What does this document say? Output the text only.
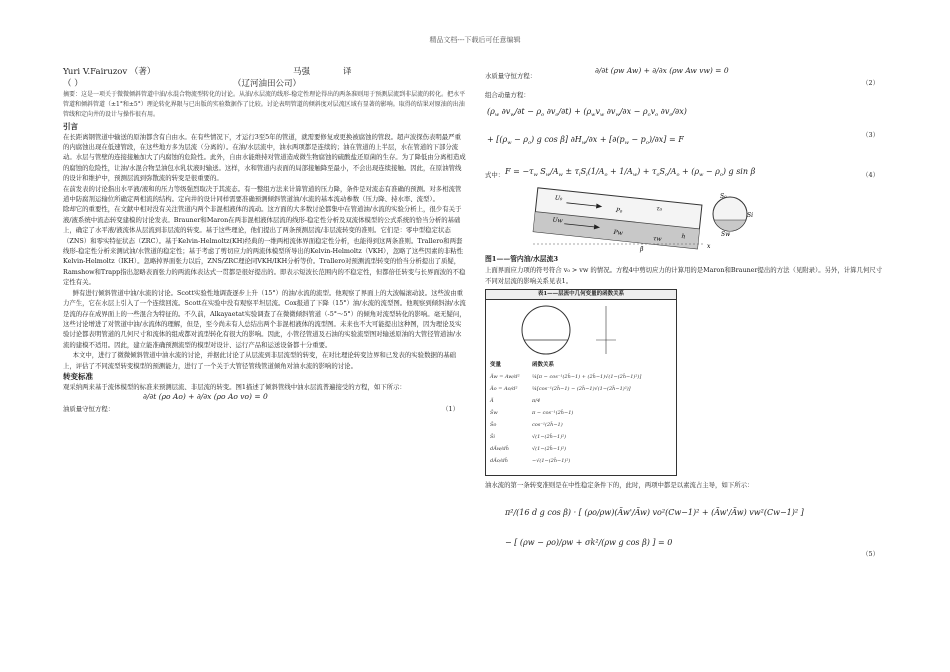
精品文档---下载后可任意编辑
Yuri V.Fairuzov （著）	马强	译
（ ）	（辽河油田公司）
摘要：这是一项关于微微倾斜管道中油/水混合物流型转化的讨论。从油/水层流的线形-稳定性理论得出的两条准则用于预测层流到非层流的转化。把水平管道和倾斜管道（±1°和±5°）理论转化界限与已出版的实验数据作了比较。讨论表明管道的倾斜度对层流区域有显著的影响。取得的结果对原油的出油管线和定向井的设计与操作很有用。
引言

在长距离钢管道中输送的原油都含有自由水。在有些情况下，才运行3至5年的管道，就需要修复或更换被腐蚀的管段。超声波探伤表明最严重的内腐蚀出现在低速管段，在这些地方多为层流（分离的）。在油/水层流中，油水两项都是连续的；油在管道的上半层，水在管道的下部分流动。水层与管壁的连接接触加大了内腐蚀的危险性。此外，自由水能维持对管道造成微生物腐蚀的硫酸盐还原菌的生存。为了降低由分离相造成的腐蚀的危险性，让油/水混合物呈油包水乳状液时输送。这样，水和管道内表面的局部接触降至最小，不会出现连续接触。因此，在原油管线的设计和维护中，预测层流到弥散流的转变是很重要的。

在前发表的讨论指出水平液/液和的压力等级强烈取决于其流态。有一整组方法来计算管道的压力降，条件是对流态有准确的预测。对多相流管道中防腐剂运输位所确定两相流的结构。定向井的设计同样需要准确预测倾斜管道油/水流的基本流动参数（压力降、持水率、流型）。

除却它的重要性，在文献中相对没有关注管道内两个非混相液体的流动。这方面的大多数讨论都集中在管道油/水流的实验分析上，很少有关于液/液系统中流态转变建模的讨论发表。Brauner和Maron在两非混相液体层流的线形-稳定性分析及双流体模型的公式系统的恰当分析的基础上，确定了水平液/液流体从层流到非层流的转变。基于这些理论，他们提出了两条预测层流/非层流转变的准则。它们是：零中型稳定状态（ZNS）和零实特征状态（ZRC）。基于Kelvin-Helmoltz(KH)经典的一维两相流体界面稳定性分析，也能得到这两条准则。Trallero和两套线形-稳定性分析来测试油/水管道的稳定性；基于考虑了剪切应力的两流体模型所导出的Kelvin-Helmoltz（VKH），忽略了这些因素的非粘性Kelvin-Helmoltz（IKH）。忽略掉界面张力以后，ZNS/ZRC理论同VKH/IKH分析等价。Trallero对预测流型转变的恰当分析提出了质疑，Ramshow和Trapp指出忽略表面张力的两流体表达式一贯都是很好提出的。即表示短波长范围内的不稳定性，但都倍任转变与长界面波的不稳定性有关。

鲜有进行倾斜管道中油/水流的讨论。Scott实验性地调查逐步上升（15°）的油/水流的流型。他观察了界面上的大波幅滚动波。这些波由重力产生，它在水层上引入了一个连续回流。Scott在实验中没有观察平坦层流。Cox报道了下降（15°）油/水流的流型图。他观察到倾斜油/水流是流的存在成界面上的一些混合为特征的。不久前，Alkayaetat实验调查了在微微倾斜管道（-5°～5°）的倾角对流型转化的影响。毫无疑问，这些讨论增进了对管道中油/水流体的理解，但是，至今尚未有人总结出两个非混相液体的流型图。未来也不大可能提出这种图，因为理论及实验讨论都表明管道的几何尺寸和流体的组成都对流型转化有很大的影响。因此，小管径管道及石油的实验流型图对输送原油的大管径管道油/水流的建模不适用。因此，建立能准确预测流型的模型对设计、运行产品和运送设备都十分重要。

本文中，进行了微微倾斜管道中油水流的讨论，并据此讨论了从层流到非层流型的转变，在对比理论转变边界和已发表的实验数据的基础上，评估了不同流型转变模型的预测能力，进行了一个关于大管径管线管道倾角对油水流的影响的讨论。

转变标准

观采纳两来基于流体模型的标准来预测层流、非层流的转变。图1描述了倾斜管线中油水层流普遍接受的方程，如下所示：

油质量守恒方程：
∂/∂t (ρo Ao) + ∂/∂x (ρo Ao vo) = 0
（1）
水质量守恒方程：
∂/∂t (ρw Aw) + ∂/∂x (ρw Aw vw) = 0
（2）
组合动量方程：
($\rho_w$ $\partial v_w/\partial t - \rho_o$ $\partial v_o/\partial t) + (\rho_wv_w$ $\partial v_w/\partial x - \rho_ov_o$ $\partial v_o/\partial x$)
+ [$(\rho_w - \rho_o)$ g cos β] $\partial H_w/\partial x + [\partial(p_w - p_o)/\partial x] = F$	（3）
式中： $F = -\tau_w$ $S_w/A_w \pm \tau_iS_i(1/A_o + 1/A_w) + \tau_oS_o/A_o + (\rho_w - \rho_o)$ g sin β	（4）
U₀
P₀	τ₀
Uw
Pw
τw	h
β
S₀
Si
Sw
x
图1——管内油/水层流3

上面界面应力项的符号符合 v₀ > vw 的情况。方程4中剪切应力的计算用的是Maron和Brauner提出的方法（见附录）。另外，计算几何尺寸不同对层流的影响关系见表1。

表1——层流中几何变量的函数关系
变量	函数关系
Ãw = Aw/d² ¼[π − cos⁻¹(2h̃−1) + (2h̃−1)√(1−(2h̃−1)²)]
Ão = Ao/d²	¼[cos⁻¹(2h̃−1) − (2h̃−1)√(1−(2h̃−1)²)]
Ã	π/4
S̃w	π − cos⁻¹(2h̃−1)
S̃o	cos⁻¹(2h̃−1)
S̃i	√(1−(2h̃−1)²)
dÃw/dh̃	√(1−(2h̃−1)²)
dÃo/dh̃	−√(1−(2h̃−1)²)

油水流的第一条转变准则是在中性稳定条件下的，此时，两项中都是以素流占主导，如下所示：

π²/(16 d g cos β) · [ (ρo/ρw)(Ãw'/Ãw) vo²(Cw−1)² + (Ãw'/Ãw) vw²(Cw−1)² ]
− [ (ρw − ρo)/ρw + σk²/(ρw g cos β) ] = 0
（5）
